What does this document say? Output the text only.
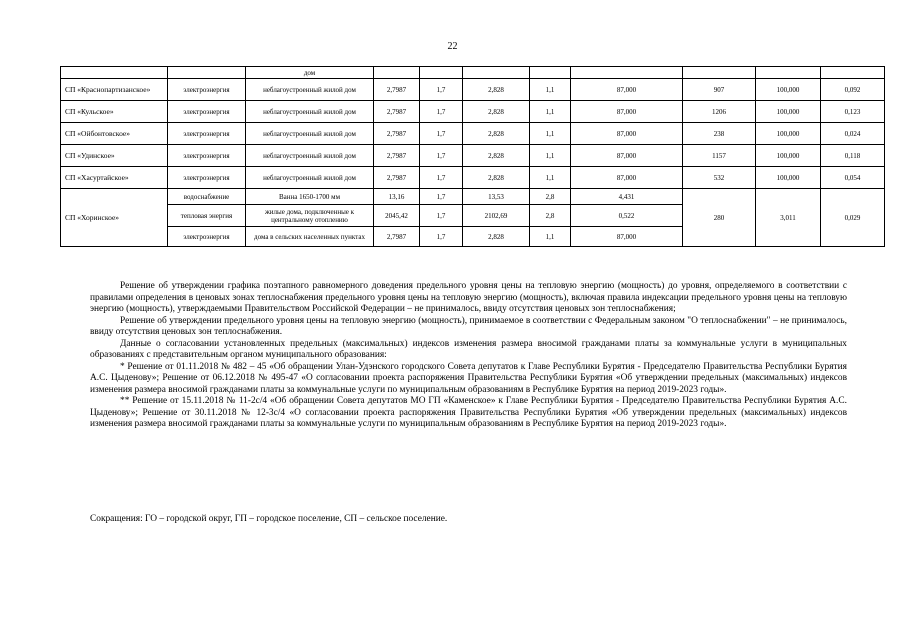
22
		дом								
СП «Краснопартизанское»	электроэнергия	неблагоустроенный жилой дом	2,7987	1,7	2,828	1,1	87,000	907	100,000	0,092
СП «Кульское»	электроэнергия	неблагоустроенный жилой дом	2,7987	1,7	2,828	1,1	87,000	1206	100,000	0,123
СП «Ойбонтовское»	электроэнергия	неблагоустроенный жилой дом	2,7987	1,7	2,828	1,1	87,000	238	100,000	0,024
СП «Удинское»	электроэнергия	неблагоустроенный жилой дом	2,7987	1,7	2,828	1,1	87,000	1157	100,000	0,118
СП «Хасуртайское»	электроэнергия	неблагоустроенный жилой дом	2,7987	1,7	2,828	1,1	87,000	532	100,000	0,054
СП «Хоринское»	водоснабжение	Ванна 1650-1700 мм	13,16	1,7	13,53	2,8	4,431	280	3,011	0,029
	тепловая энергия	жилые дома, подключенные к центральному отоплению	2045,42	1,7	2102,69	2,8	0,522			
	электроэнергия	дома в сельских населенных пунктах	2,7987	1,7	2,828	1,1	87,000			

Решение об утверждении графика поэтапного равномерного доведения предельного уровня цены на тепловую энергию (мощность) до уровня, определяемого в соответствии с правилами определения в ценовых зонах теплоснабжения предельного уровня цены на тепловую энергию (мощность), включая правила индексации предельного уровня цены на тепловую энергию (мощность), утверждаемыми Правительством Российской Федерации – не принималось, ввиду отсутствия ценовых зон теплоснабжения;

Решение об утверждении предельного уровня цены на тепловую энергию (мощность), принимаемое в соответствии с Федеральным законом "О теплоснабжении" – не принималось, ввиду отсутствия ценовых зон теплоснабжения.

Данные о согласовании установленных предельных (максимальных) индексов изменения размера вносимой гражданами платы за коммунальные услуги в муниципальных образованиях с представительным органом муниципального образования:

* Решение от 01.11.2018 № 482 – 45 «Об обращении Улан-Удэнского городского Совета депутатов к Главе Республики Бурятия - Председателю Правительства Республики Бурятия А.С. Цыденову»; Решение от 06.12.2018 № 495-47 «О согласовании проекта распоряжения Правительства Республики Бурятия «Об утверждении предельных (максимальных) индексов изменения размера вносимой гражданами платы за коммунальные услуги по муниципальным образованиям в Республике Бурятия на период 2019-2023 годы».

** Решение от 15.11.2018 № 11-2с/4 «Об обращении Совета депутатов МО ГП «Каменское» к Главе Республики Бурятия - Председателю Правительства Республики Бурятия А.С. Цыденову»; Решение от 30.11.2018 № 12-3с/4 «О согласовании проекта распоряжения Правительства Республики Бурятия «Об утверждении предельных (максимальных) индексов изменения размера вносимой гражданами платы за коммунальные услуги по муниципальным образованиям в Республике Бурятия на период 2019-2023 годы».

Сокращения: ГО – городской округ, ГП – городское поселение, СП – сельское поселение.
